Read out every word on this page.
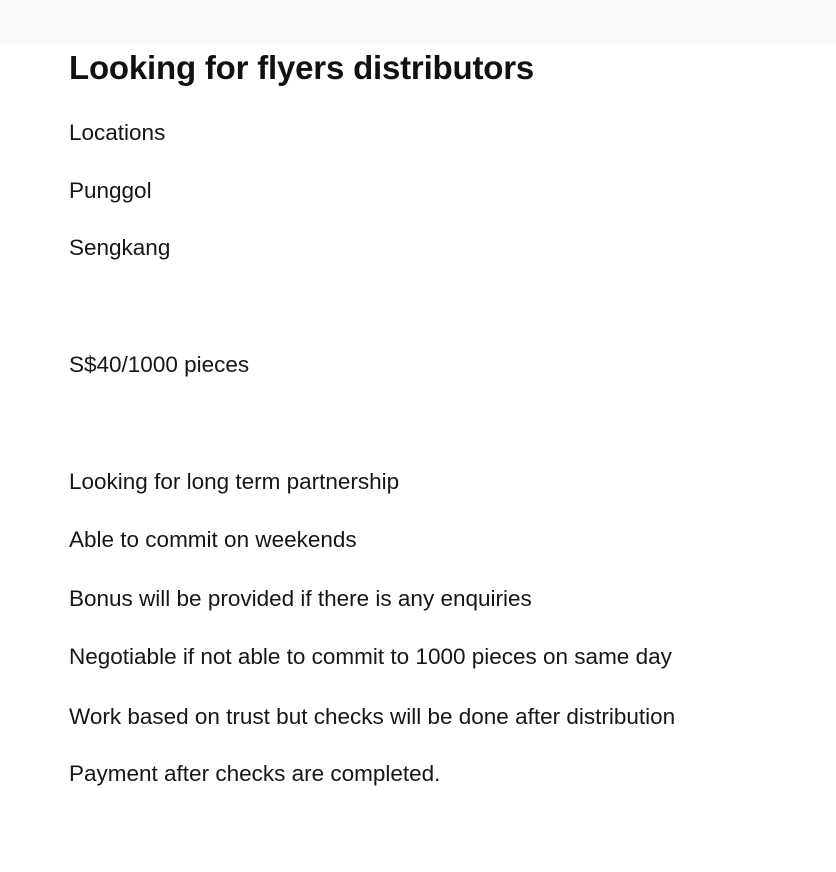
Looking for flyers distributors

Locations

Punggol

Sengkang

S$40/1000 pieces

Looking for long term partnership

Able to commit on weekends

Bonus will be provided if there is any enquiries

Negotiable if not able to commit to 1000 pieces on same day

Work based on trust but checks will be done after distribution

Payment after checks are completed.
